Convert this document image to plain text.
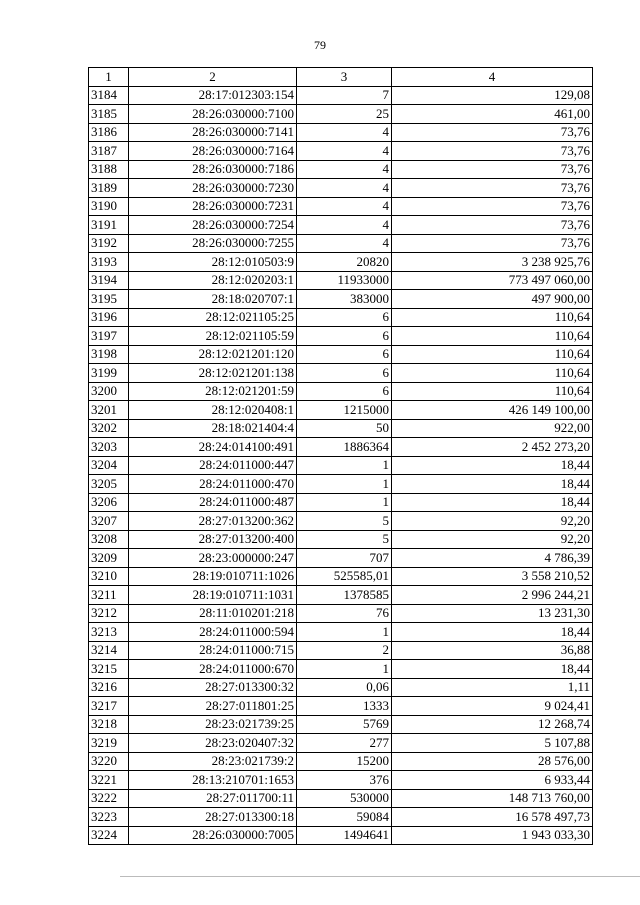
79
1	2	3	4
3184	28:17:012303:154	7	129,08
3185	28:26:030000:7100	25	461,00
3186	28:26:030000:7141	4	73,76
3187	28:26:030000:7164	4	73,76
3188	28:26:030000:7186	4	73,76
3189	28:26:030000:7230	4	73,76
3190	28:26:030000:7231	4	73,76
3191	28:26:030000:7254	4	73,76
3192	28:26:030000:7255	4	73,76
3193	28:12:010503:9	20820	3 238 925,76
3194	28:12:020203:1	11933000	773 497 060,00
3195	28:18:020707:1	383000	497 900,00
3196	28:12:021105:25	6	110,64
3197	28:12:021105:59	6	110,64
3198	28:12:021201:120	6	110,64
3199	28:12:021201:138	6	110,64
3200	28:12:021201:59	6	110,64
3201	28:12:020408:1	1215000	426 149 100,00
3202	28:18:021404:4	50	922,00
3203	28:24:014100:491	1886364	2 452 273,20
3204	28:24:011000:447	1	18,44
3205	28:24:011000:470	1	18,44
3206	28:24:011000:487	1	18,44
3207	28:27:013200:362	5	92,20
3208	28:27:013200:400	5	92,20
3209	28:23:000000:247	707	4 786,39
3210	28:19:010711:1026	525585,01	3 558 210,52
3211	28:19:010711:1031	1378585	2 996 244,21
3212	28:11:010201:218	76	13 231,30
3213	28:24:011000:594	1	18,44
3214	28:24:011000:715	2	36,88
3215	28:24:011000:670	1	18,44
3216	28:27:013300:32	0,06	1,11
3217	28:27:011801:25	1333	9 024,41
3218	28:23:021739:25	5769	12 268,74
3219	28:23:020407:32	277	5 107,88
3220	28:23:021739:2	15200	28 576,00
3221	28:13:210701:1653	376	6 933,44
3222	28:27:011700:11	530000	148 713 760,00
3223	28:27:013300:18	59084	16 578 497,73
3224	28:26:030000:7005	1494641	1 943 033,30
